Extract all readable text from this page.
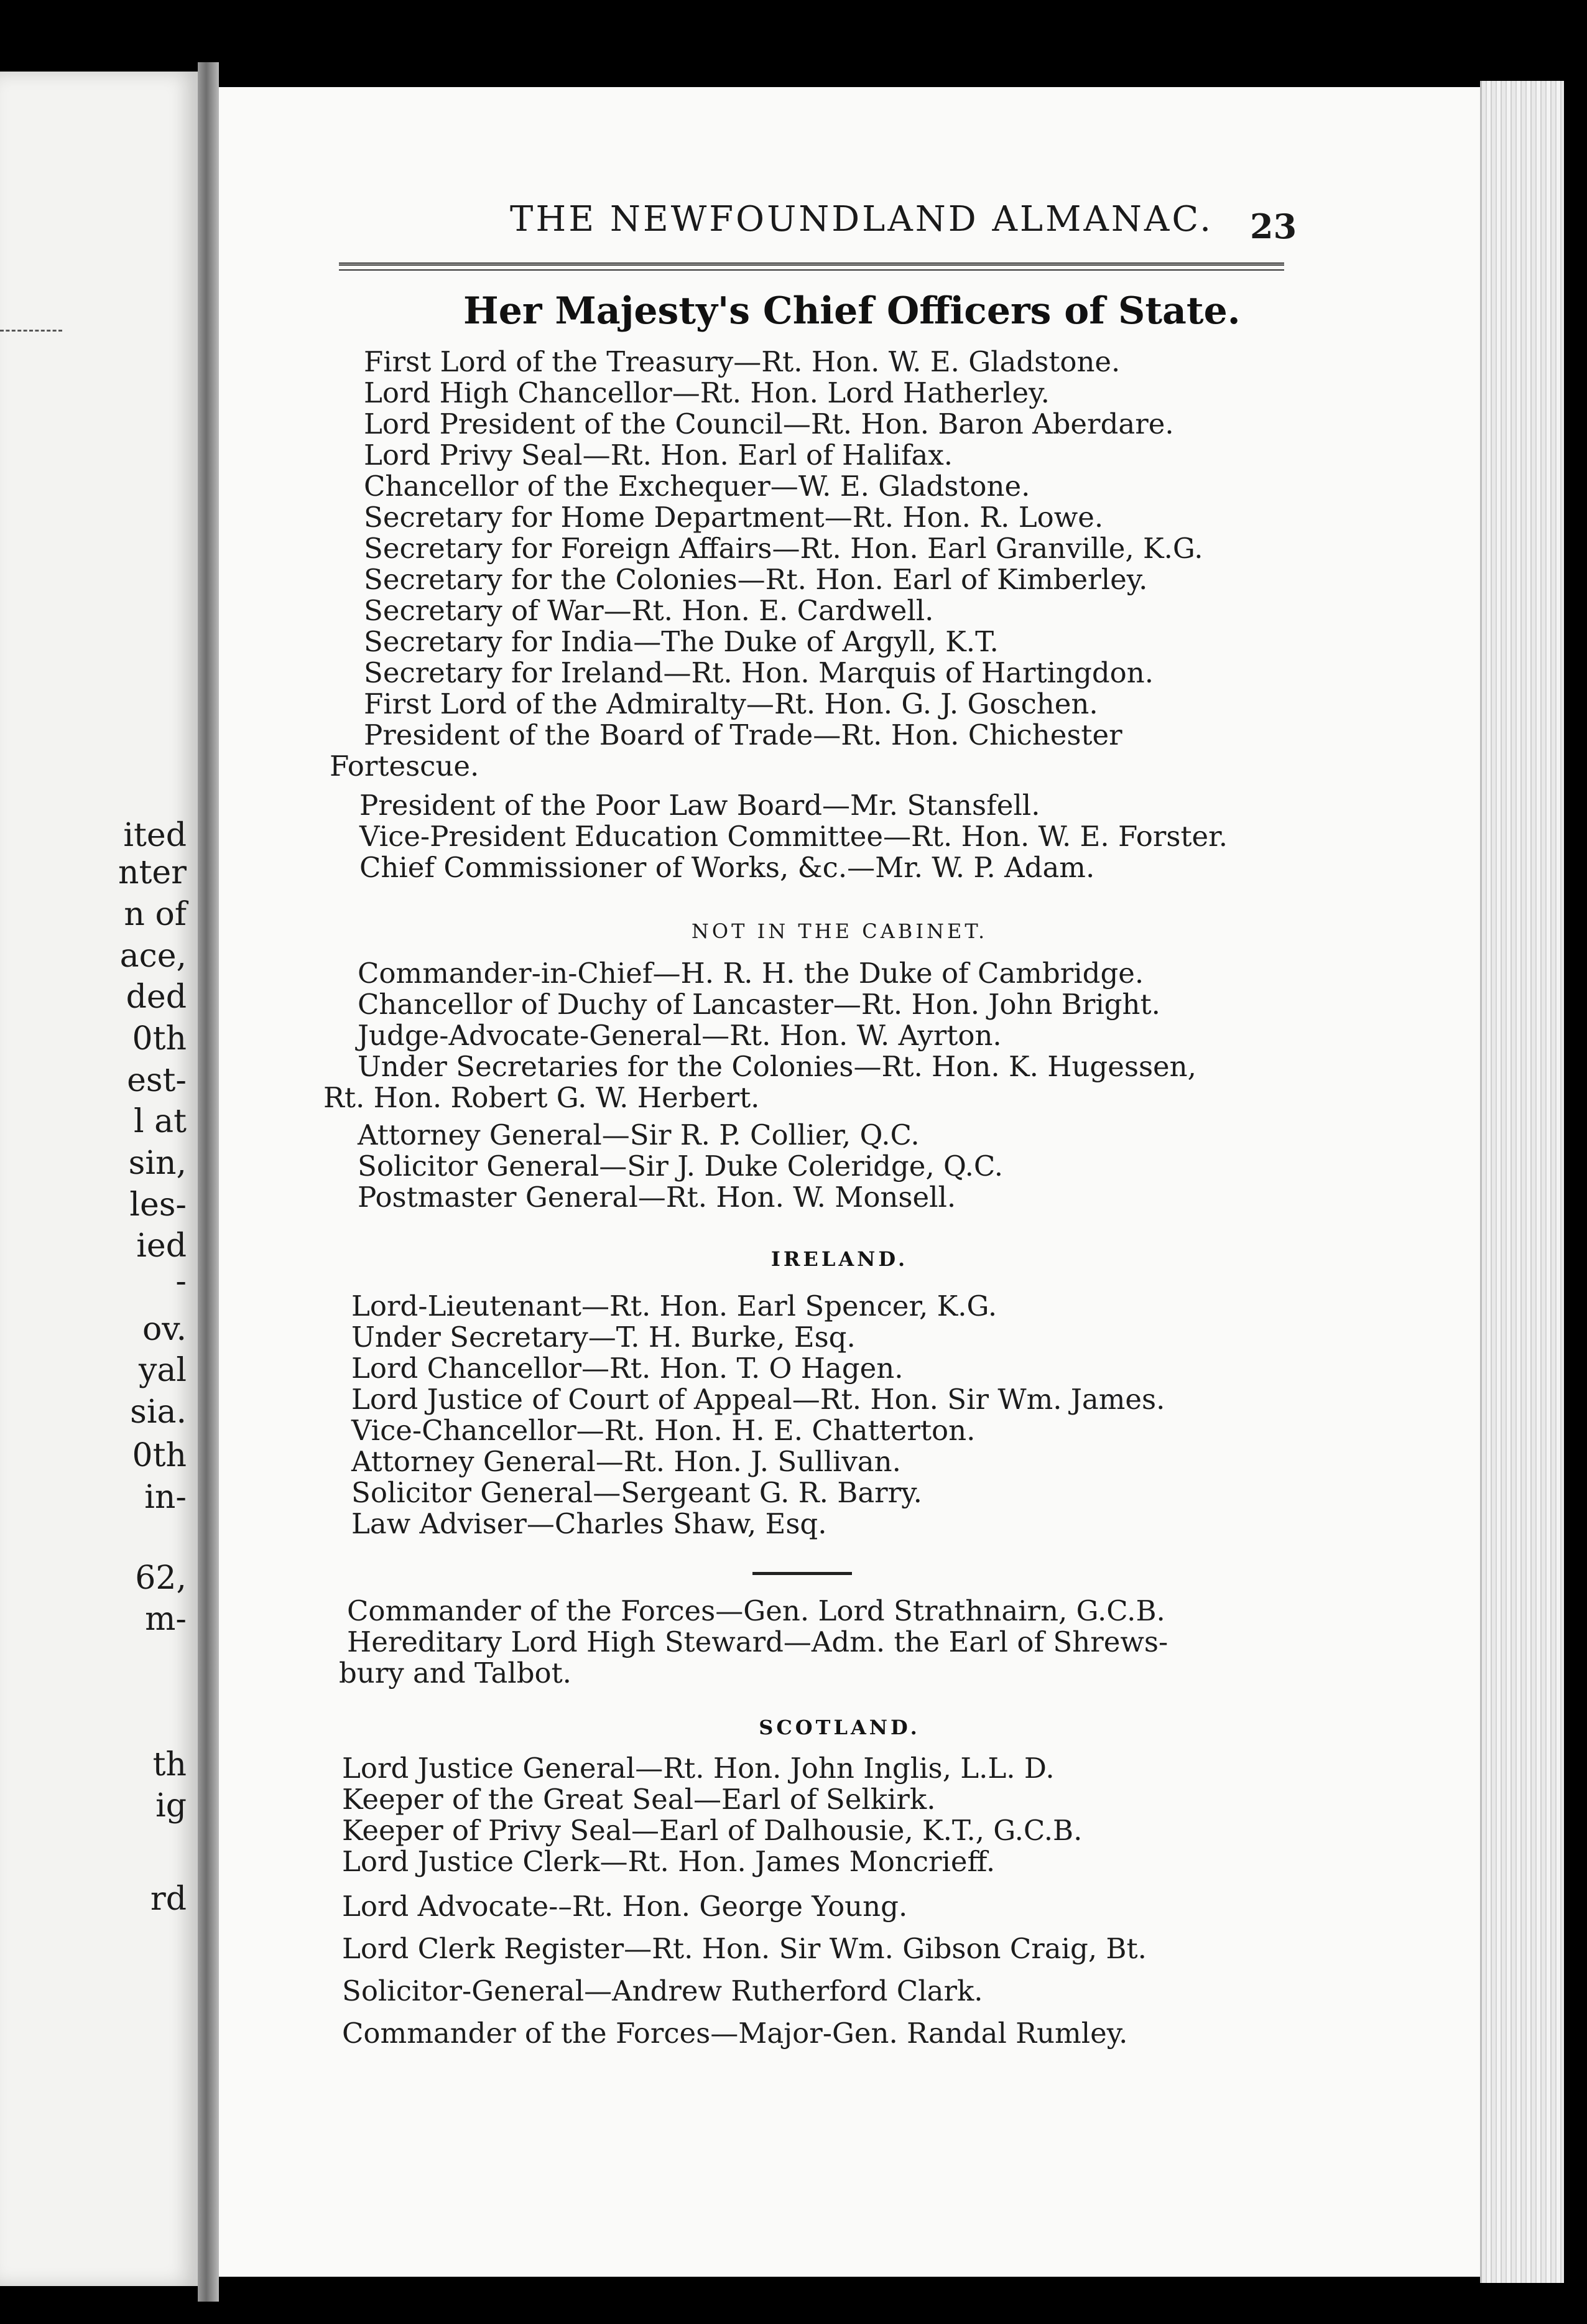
ited
nter
n of
ace,
ded
0th
est-
l at
sin,
les-
ied
-
ov.
yal
sia.
0th
in-
62,
m-
th
ig
rd
THE NEWFOUNDLAND ALMANAC. 23
Her Majesty's Chief Officers of State.
First Lord of the Treasury—Rt. Hon. W. E. Gladstone.
Lord High Chancellor—Rt. Hon. Lord Hatherley.
Lord President of the Council—Rt. Hon. Baron Aberdare.
Lord Privy Seal—Rt. Hon. Earl of Halifax.
Chancellor of the Exchequer—W. E. Gladstone.
Secretary for Home Department—Rt. Hon. R. Lowe.
Secretary for Foreign Affairs—Rt. Hon. Earl Granville, K.G.
Secretary for the Colonies—Rt. Hon. Earl of Kimberley.
Secretary of War—Rt. Hon. E. Cardwell.
Secretary for India—The Duke of Argyll, K.T.
Secretary for Ireland—Rt. Hon. Marquis of Hartingdon.
First Lord of the Admiralty—Rt. Hon. G. J. Goschen.
President of the Board of Trade—Rt. Hon. Chichester
Fortescue.
President of the Poor Law Board—Mr. Stansfell.
Vice-President Education Committee—Rt. Hon. W. E. Forster.
Chief Commissioner of Works, &c.—Mr. W. P. Adam.
NOT IN THE CABINET.
Commander-in-Chief—H. R. H. the Duke of Cambridge.
Chancellor of Duchy of Lancaster—Rt. Hon. John Bright.
Judge-Advocate-General—Rt. Hon. W. Ayrton.
Under Secretaries for the Colonies—Rt. Hon. K. Hugessen,
Rt. Hon. Robert G. W. Herbert.
Attorney General—Sir R. P. Collier, Q.C.
Solicitor General—Sir J. Duke Coleridge, Q.C.
Postmaster General—Rt. Hon. W. Monsell.
IRELAND.
Lord-Lieutenant—Rt. Hon. Earl Spencer, K.G.
Under Secretary—T. H. Burke, Esq.
Lord Chancellor—Rt. Hon. T. O Hagen.
Lord Justice of Court of Appeal—Rt. Hon. Sir Wm. James.
Vice-Chancellor—Rt. Hon. H. E. Chatterton.
Attorney General—Rt. Hon. J. Sullivan.
Solicitor General—Sergeant G. R. Barry.
Law Adviser—Charles Shaw, Esq.
Commander of the Forces—Gen. Lord Strathnairn, G.C.B.
Hereditary Lord High Steward—Adm. the Earl of Shrews-
bury and Talbot.
SCOTLAND.
Lord Justice General—Rt. Hon. John Inglis, L.L. D.
Keeper of the Great Seal—Earl of Selkirk.
Keeper of Privy Seal—Earl of Dalhousie, K.T., G.C.B.
Lord Justice Clerk—Rt. Hon. James Moncrieff.
Lord Advocate-–Rt. Hon. George Young.
Lord Clerk Register—Rt. Hon. Sir Wm. Gibson Craig, Bt.
Solicitor-General—Andrew Rutherford Clark.
Commander of the Forces—Major-Gen. Randal Rumley.
